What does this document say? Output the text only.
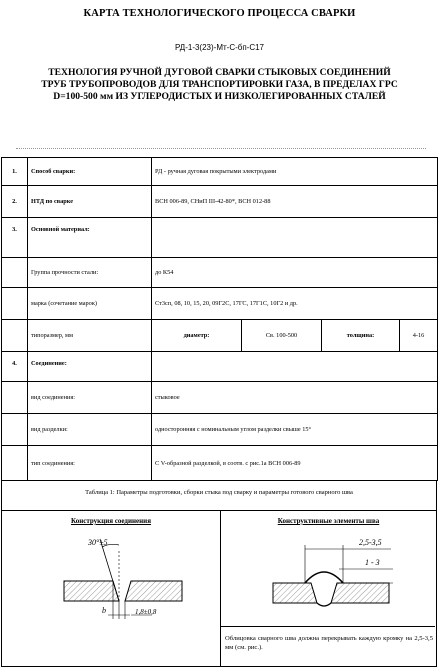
КАРТА ТЕХНОЛОГИЧЕСКОГО ПРОЦЕССА СВАРКИ
РД-1-3(23)-Мт-С-бп-С17
ТЕХНОЛОГИЯ РУЧНОЙ ДУГОВОЙ СВАРКИ СТЫКОВЫХ СОЕДИНЕНИЙ
ТРУБ ТРУБОПРОВОДОВ ДЛЯ ТРАНСПОРТИРОВКИ ГАЗА, В ПРЕДЕЛАХ ГРС
D=100-500 мм ИЗ УГЛЕРОДИСТЫХ И НИЗКОЛЕГИРОВАННЫХ СТАЛЕЙ
1.	Способ сварки:	РД - ручная дуговая покрытыми электродами			
2.	НТД по сварке	ВСН 006-89, СНиП III-42-80*, ВСН 012-88			
3.	Основной материал:				
	Группа прочности стали:	до К54			
	марка (сочетание марок)	Ст3сп, 08, 10, 15, 20, 09Г2С, 17ГС, 17Г1С, 10Г2 и др.			
	типоразмер, мм	диаметр:	Св. 100-500	толщина:	4-16
4.	Соединение:				
	вид соединения:	стыковое			
	вид разделки:	односторонняя с номинальным углом разделки свыше 15°			
	тип соединения:	С V-образной разделкой, в соотв. с рис.1а ВСН 006-89			
Таблица 1: Параметры подготовки, сборки стыка под сварку и параметры готового сварного шва
Конструкция соединения
30°±5
b	1,8±0,8
Конструктивные элементы шва
2,5-3,5
1 - 3
Облицовка сварного шва должна перекрывать каждую кромку на 2,5-3,5 мм (см. рис.).
